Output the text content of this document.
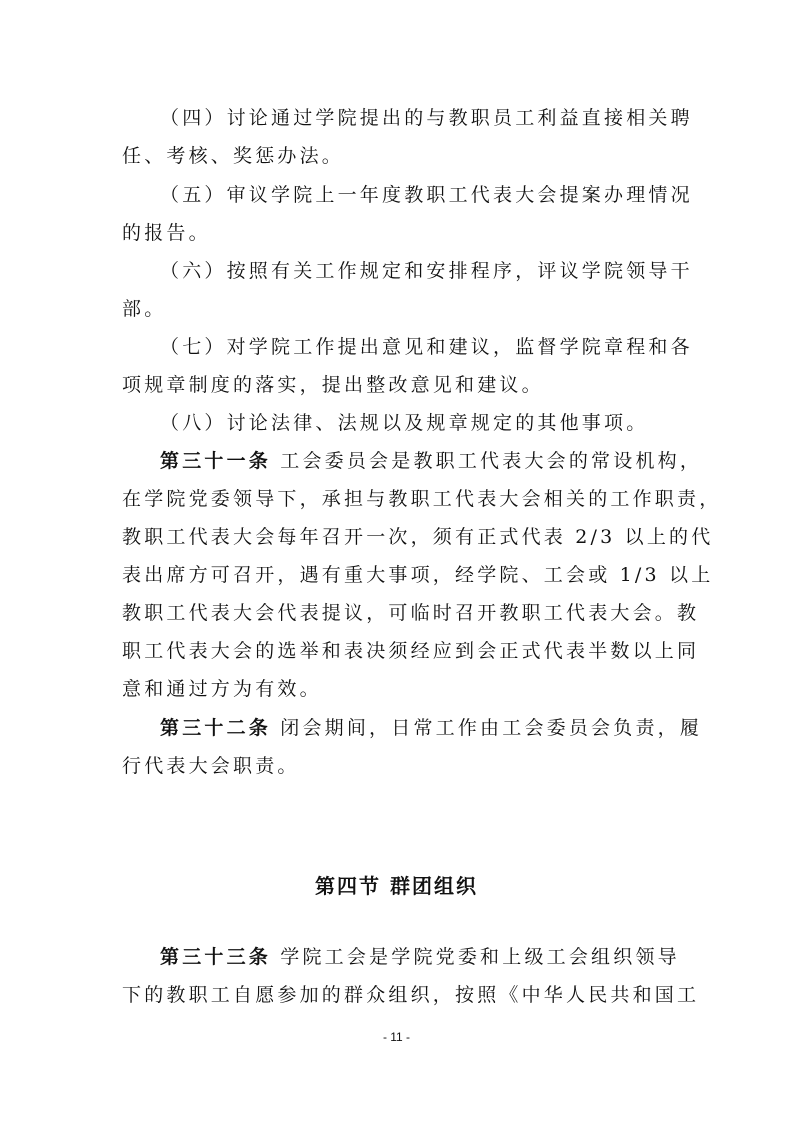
（四）讨论通过学院提出的与教职员工利益直接相关聘
任、考核、奖惩办法。
（五）审议学院上一年度教职工代表大会提案办理情况
的报告。
（六）按照有关工作规定和安排程序，评议学院领导干
部。
（七）对学院工作提出意见和建议，监督学院章程和各
项规章制度的落实，提出整改意见和建议。
（八）讨论法律、法规以及规章规定的其他事项。
第三十一条 工会委员会是教职工代表大会的常设机构，
在学院党委领导下，承担与教职工代表大会相关的工作职责，
教职工代表大会每年召开一次，须有正式代表 2/3 以上的代
表出席方可召开，遇有重大事项，经学院、工会或 1/3 以上
教职工代表大会代表提议，可临时召开教职工代表大会。教
职工代表大会的选举和表决须经应到会正式代表半数以上同
意和通过方为有效。
第三十二条 闭会期间，日常工作由工会委员会负责，履
行代表大会职责。
第四节 群团组织
第三十三条 学院工会是学院党委和上级工会组织领导
下的教职工自愿参加的群众组织，按照《中华人民共和国工
- 11 -
